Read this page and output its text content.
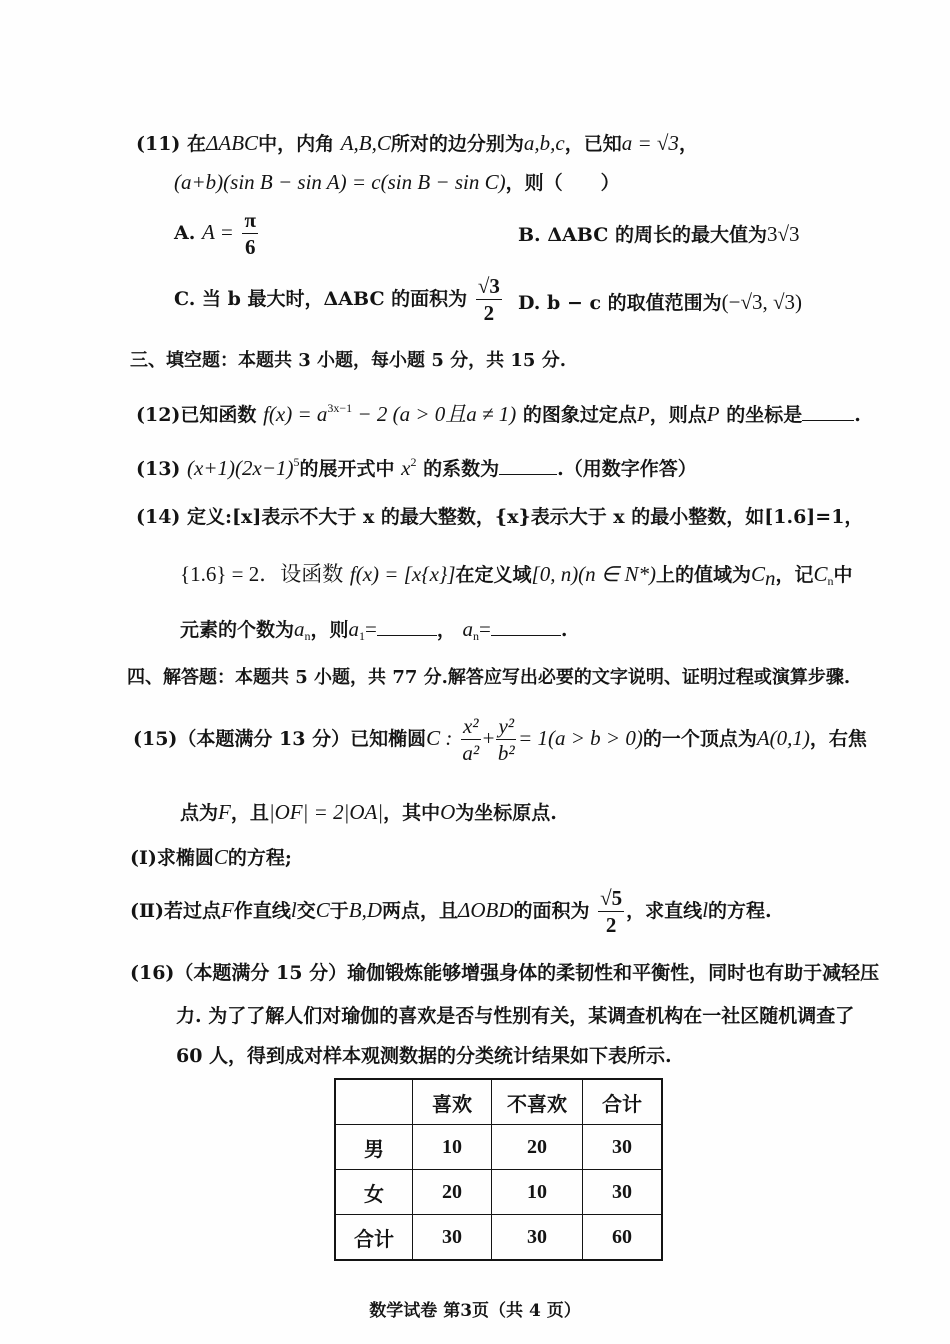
(11) 在ΔABC中，内角 A,B,C所对的边分别为a,b,c，已知a = √3，
(a+b)(sin B − sin A) = c(sin B − sin C)，则（　　）
A. $A = \frac{\pi}{6}$	B. ΔABC 的周长的最大值为3√3
C. 当 b 最大时，ΔABC 的面积为 $\frac{√3}{2} D$. b − c 的取值范围为(−√3, √3)
三、填空题：本题共 3 小题，每小题 5 分，共 15 分.
(12)已知函数 $f(x) = a^{3x-1} - 2$ (a > 0且a ≠ 1) 的图象过定点P，则点P 的坐标是	.
(13) $(x+1)(2x-1)^5$的展开式中 $x^2$ 的系数为	.（用数字作答）
(14) 定义:[x]表示不大于 x 的最大整数，{x}表示大于 x 的最小整数，如[1.6]=1，
{1.6} = 2．设函数 f(x) = [x{x}]在定义域[0, n)(n ∈ N*)上的值域为$C_n$，记$C_n$中
元素的个数为$a_n$，则$a_1=$	， $a_n=$	.
四、解答题：本题共 5 小题，共 77 分.解答应写出必要的文字说明、证明过程或演算步骤.
(15)（本题满分 13 分）已知椭圆C : $\frac{\text{x²}}{\text{a²}} + \frac{\text{y²}}{\text{b²}} = 1(a > b > 0)$的一个顶点为A(0,1)，右焦
点为F，且|OF| = 2|OA|，其中O为坐标原点.
(Ⅰ)求椭圆C的方程;
(Ⅱ)若过点F作直线l交C于B,D两点，且ΔOBD的面积为 $\frac{√5}{2}$ ，求直线l的方程.
(16)（本题满分 15 分）瑜伽锻炼能够增强身体的柔韧性和平衡性，同时也有助于减轻压
力. 为了了解人们对瑜伽的喜欢是否与性别有关，某调查机构在一社区随机调查了
60 人，得到成对样本观测数据的分类统计结果如下表所示.
	喜欢	不喜欢	合计
男	10	20	30
女	20	10	30
合计	30	30	60
数学试卷 第3页（共 4 页）
